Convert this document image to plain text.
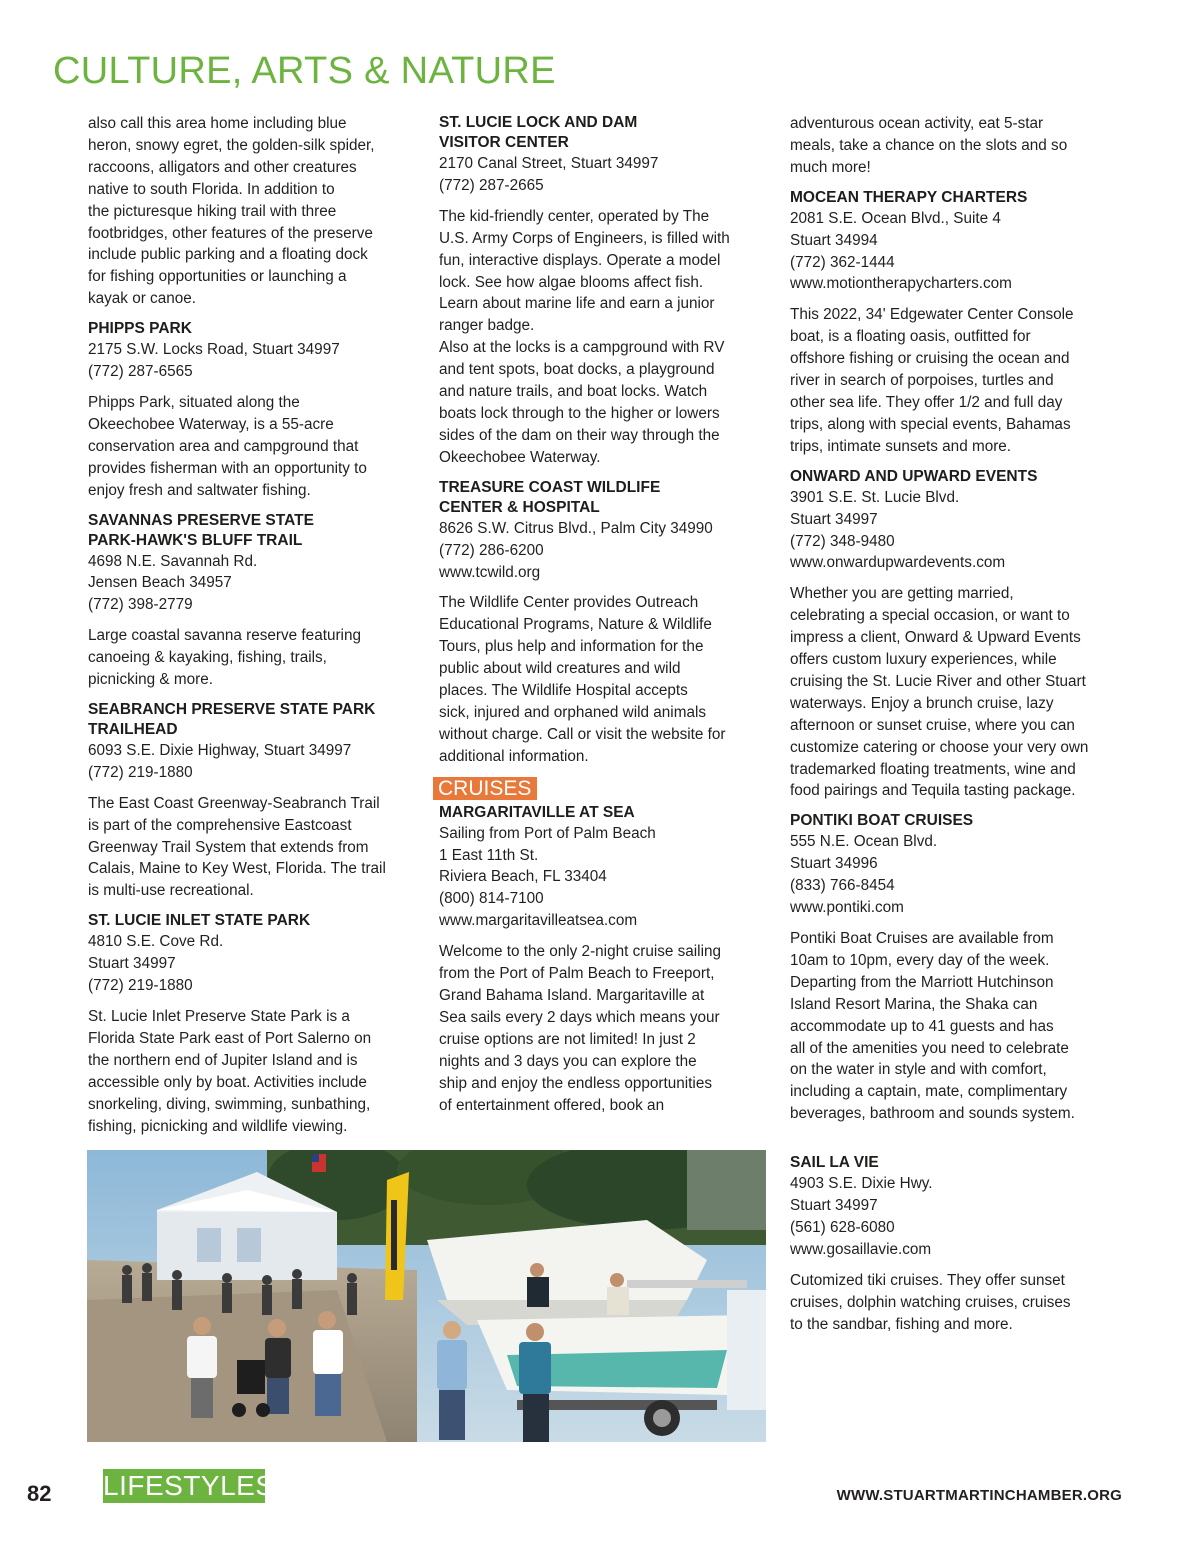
CULTURE, ARTS & NATURE

also call this area home including blue
heron, snowy egret, the golden-silk spider,
raccoons, alligators and other creatures
native to south Florida. In addition to
the picturesque hiking trail with three
footbridges, other features of the preserve
include public parking and a floating dock
for fishing opportunities or launching a
kayak or canoe.

PHIPPS PARK

2175 S.W. Locks Road, Stuart 34997
(772) 287-6565

Phipps Park, situated along the
Okeechobee Waterway, is a 55-acre
conservation area and campground that
provides fisherman with an opportunity to
enjoy fresh and saltwater fishing.

SAVANNAS PRESERVE STATE
PARK-HAWK'S BLUFF TRAIL

4698 N.E. Savannah Rd.
Jensen Beach 34957
(772) 398-2779

Large coastal savanna reserve featuring
canoeing & kayaking, fishing, trails,
picnicking & more.

SEABRANCH PRESERVE STATE PARK
TRAILHEAD

6093 S.E. Dixie Highway, Stuart 34997
(772) 219-1880

The East Coast Greenway-Seabranch Trail
is part of the comprehensive Eastcoast
Greenway Trail System that extends from
Calais, Maine to Key West, Florida. The trail
is multi-use recreational.

ST. LUCIE INLET STATE PARK

4810 S.E. Cove Rd.
Stuart 34997
(772) 219-1880

St. Lucie Inlet Preserve State Park is a
Florida State Park east of Port Salerno on
the northern end of Jupiter Island and is
accessible only by boat. Activities include
snorkeling, diving, swimming, sunbathing,
fishing, picnicking and wildlife viewing.

ST. LUCIE LOCK AND DAM
VISITOR CENTER

2170 Canal Street, Stuart 34997
(772) 287-2665

The kid-friendly center, operated by The
U.S. Army Corps of Engineers, is filled with
fun, interactive displays. Operate a model
lock. See how algae blooms affect fish.
Learn about marine life and earn a junior
ranger badge.
Also at the locks is a campground with RV
and tent spots, boat docks, a playground
and nature trails, and boat locks. Watch
boats lock through to the higher or lowers
sides of the dam on their way through the
Okeechobee Waterway.

TREASURE COAST WILDLIFE
CENTER & HOSPITAL

8626 S.W. Citrus Blvd., Palm City 34990
(772) 286-6200
www.tcwild.org

The Wildlife Center provides Outreach
Educational Programs, Nature & Wildlife
Tours, plus help and information for the
public about wild creatures and wild
places. The Wildlife Hospital accepts
sick, injured and orphaned wild animals
without charge. Call or visit the website for
additional information.

CRUISES
MARGARITAVILLE AT SEA

Sailing from Port of Palm Beach
1 East 11th St.
Riviera Beach, FL 33404
(800) 814-7100
www.margaritavilleatsea.com

Welcome to the only 2-night cruise sailing
from the Port of Palm Beach to Freeport,
Grand Bahama Island. Margaritaville at
Sea sails every 2 days which means your
cruise options are not limited! In just 2
nights and 3 days you can explore the
ship and enjoy the endless opportunities
of entertainment offered, book an

adventurous ocean activity, eat 5-star
meals, take a chance on the slots and so
much more!

MOCEAN THERAPY CHARTERS

2081 S.E. Ocean Blvd., Suite 4
Stuart 34994
(772) 362-1444
www.motiontherapycharters.com

This 2022, 34' Edgewater Center Console
boat, is a floating oasis, outfitted for
offshore fishing or cruising the ocean and
river in search of porpoises, turtles and
other sea life. They offer 1/2 and full day
trips, along with special events, Bahamas
trips, intimate sunsets and more.

ONWARD AND UPWARD EVENTS

3901 S.E. St. Lucie Blvd.
Stuart 34997
(772) 348-9480
www.onwardupwardevents.com

Whether you are getting married,
celebrating a special occasion, or want to
impress a client, Onward & Upward Events
offers custom luxury experiences, while
cruising the St. Lucie River and other Stuart
waterways. Enjoy a brunch cruise, lazy
afternoon or sunset cruise, where you can
customize catering or choose your very own
trademarked floating treatments, wine and
food pairings and Tequila tasting package.

PONTIKI BOAT CRUISES

555 N.E. Ocean Blvd.
Stuart 34996
(833) 766-8454
www.pontiki.com

Pontiki Boat Cruises are available from
10am to 10pm, every day of the week.
Departing from the Marriott Hutchinson
Island Resort Marina, the Shaka can
accommodate up to 41 guests and has
all of the amenities you need to celebrate
on the water in style and with comfort,
including a captain, mate, complimentary
beverages, bathroom and sounds system.

SAIL LA VIE

4903 S.E. Dixie Hwy.
Stuart 34997
(561) 628-6080
www.gosaillavie.com

Cutomized tiki cruises. They offer sunset
cruises, dolphin watching cruises, cruises
to the sandbar, fishing and more.

82 LIFESTYLES	WWW.STUARTMARTINCHAMBER.ORG
